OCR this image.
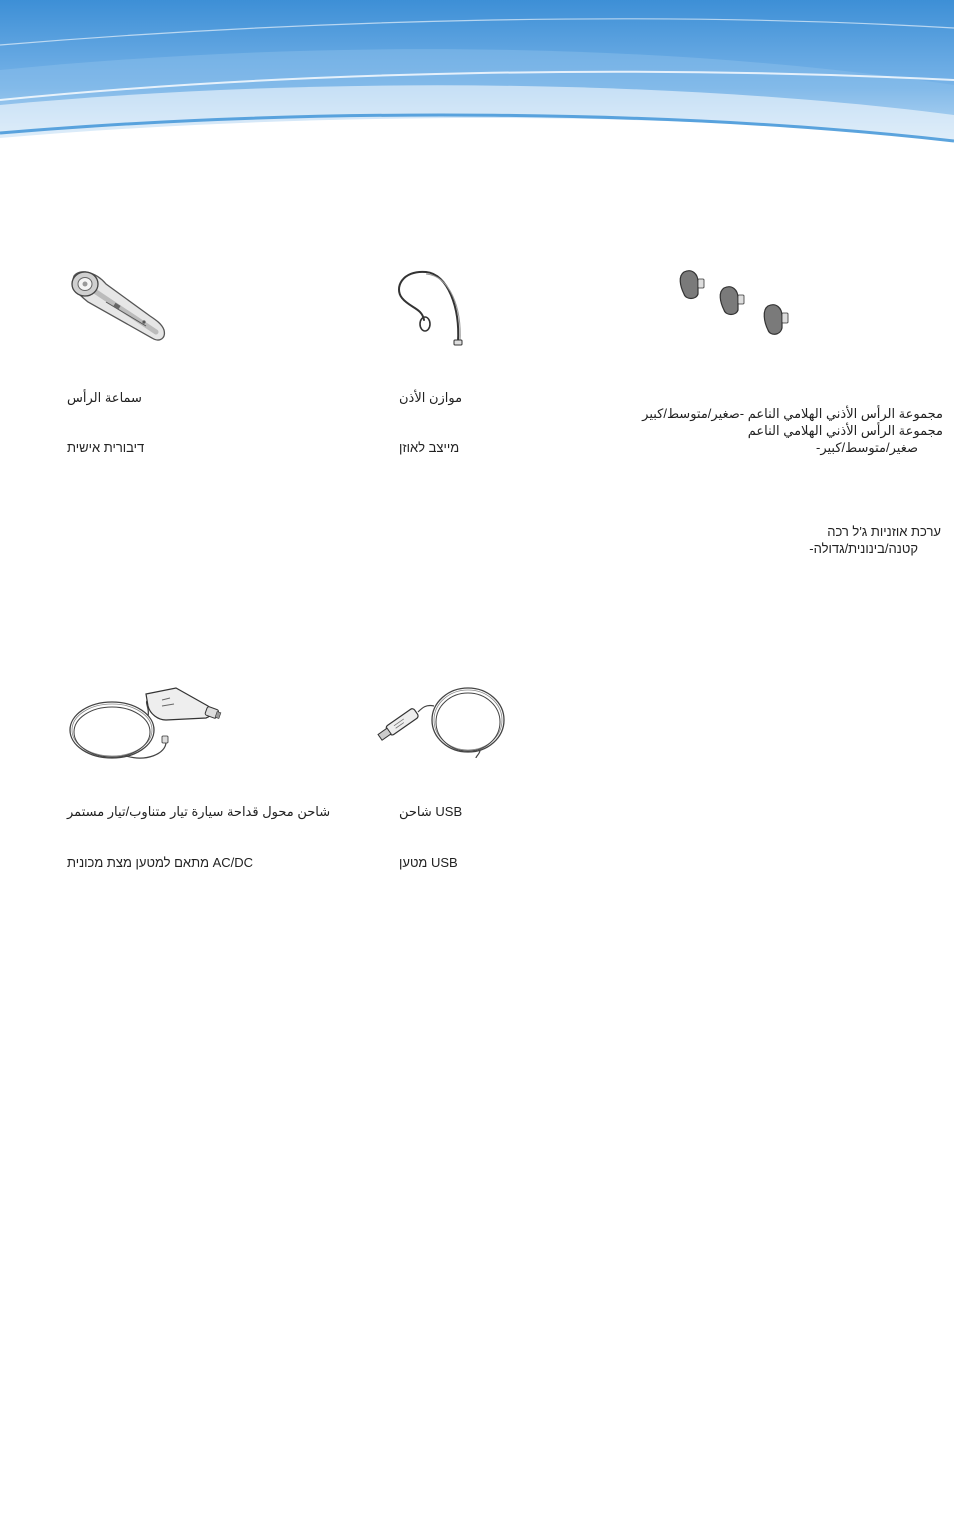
سماعة الرأس

דיבורית אישית

موازن الأذن

מייצב לאוזן

مجموعة الرأس الأذني الهلامي الناعم -صغير/متوسط/كبير

مجموعة الرأس الأذني الهلامي الناعم

-صغير/متوسط/كبير

ערכת אוזניות ג'ל רכה

-קטנה/בינונית/גדולה

شاحن محول قداحة سيارة تيار متناوب/تيار مستمر

מתאם למטען מצת מכונית AC/DC

شاحن USB

מטען USB
